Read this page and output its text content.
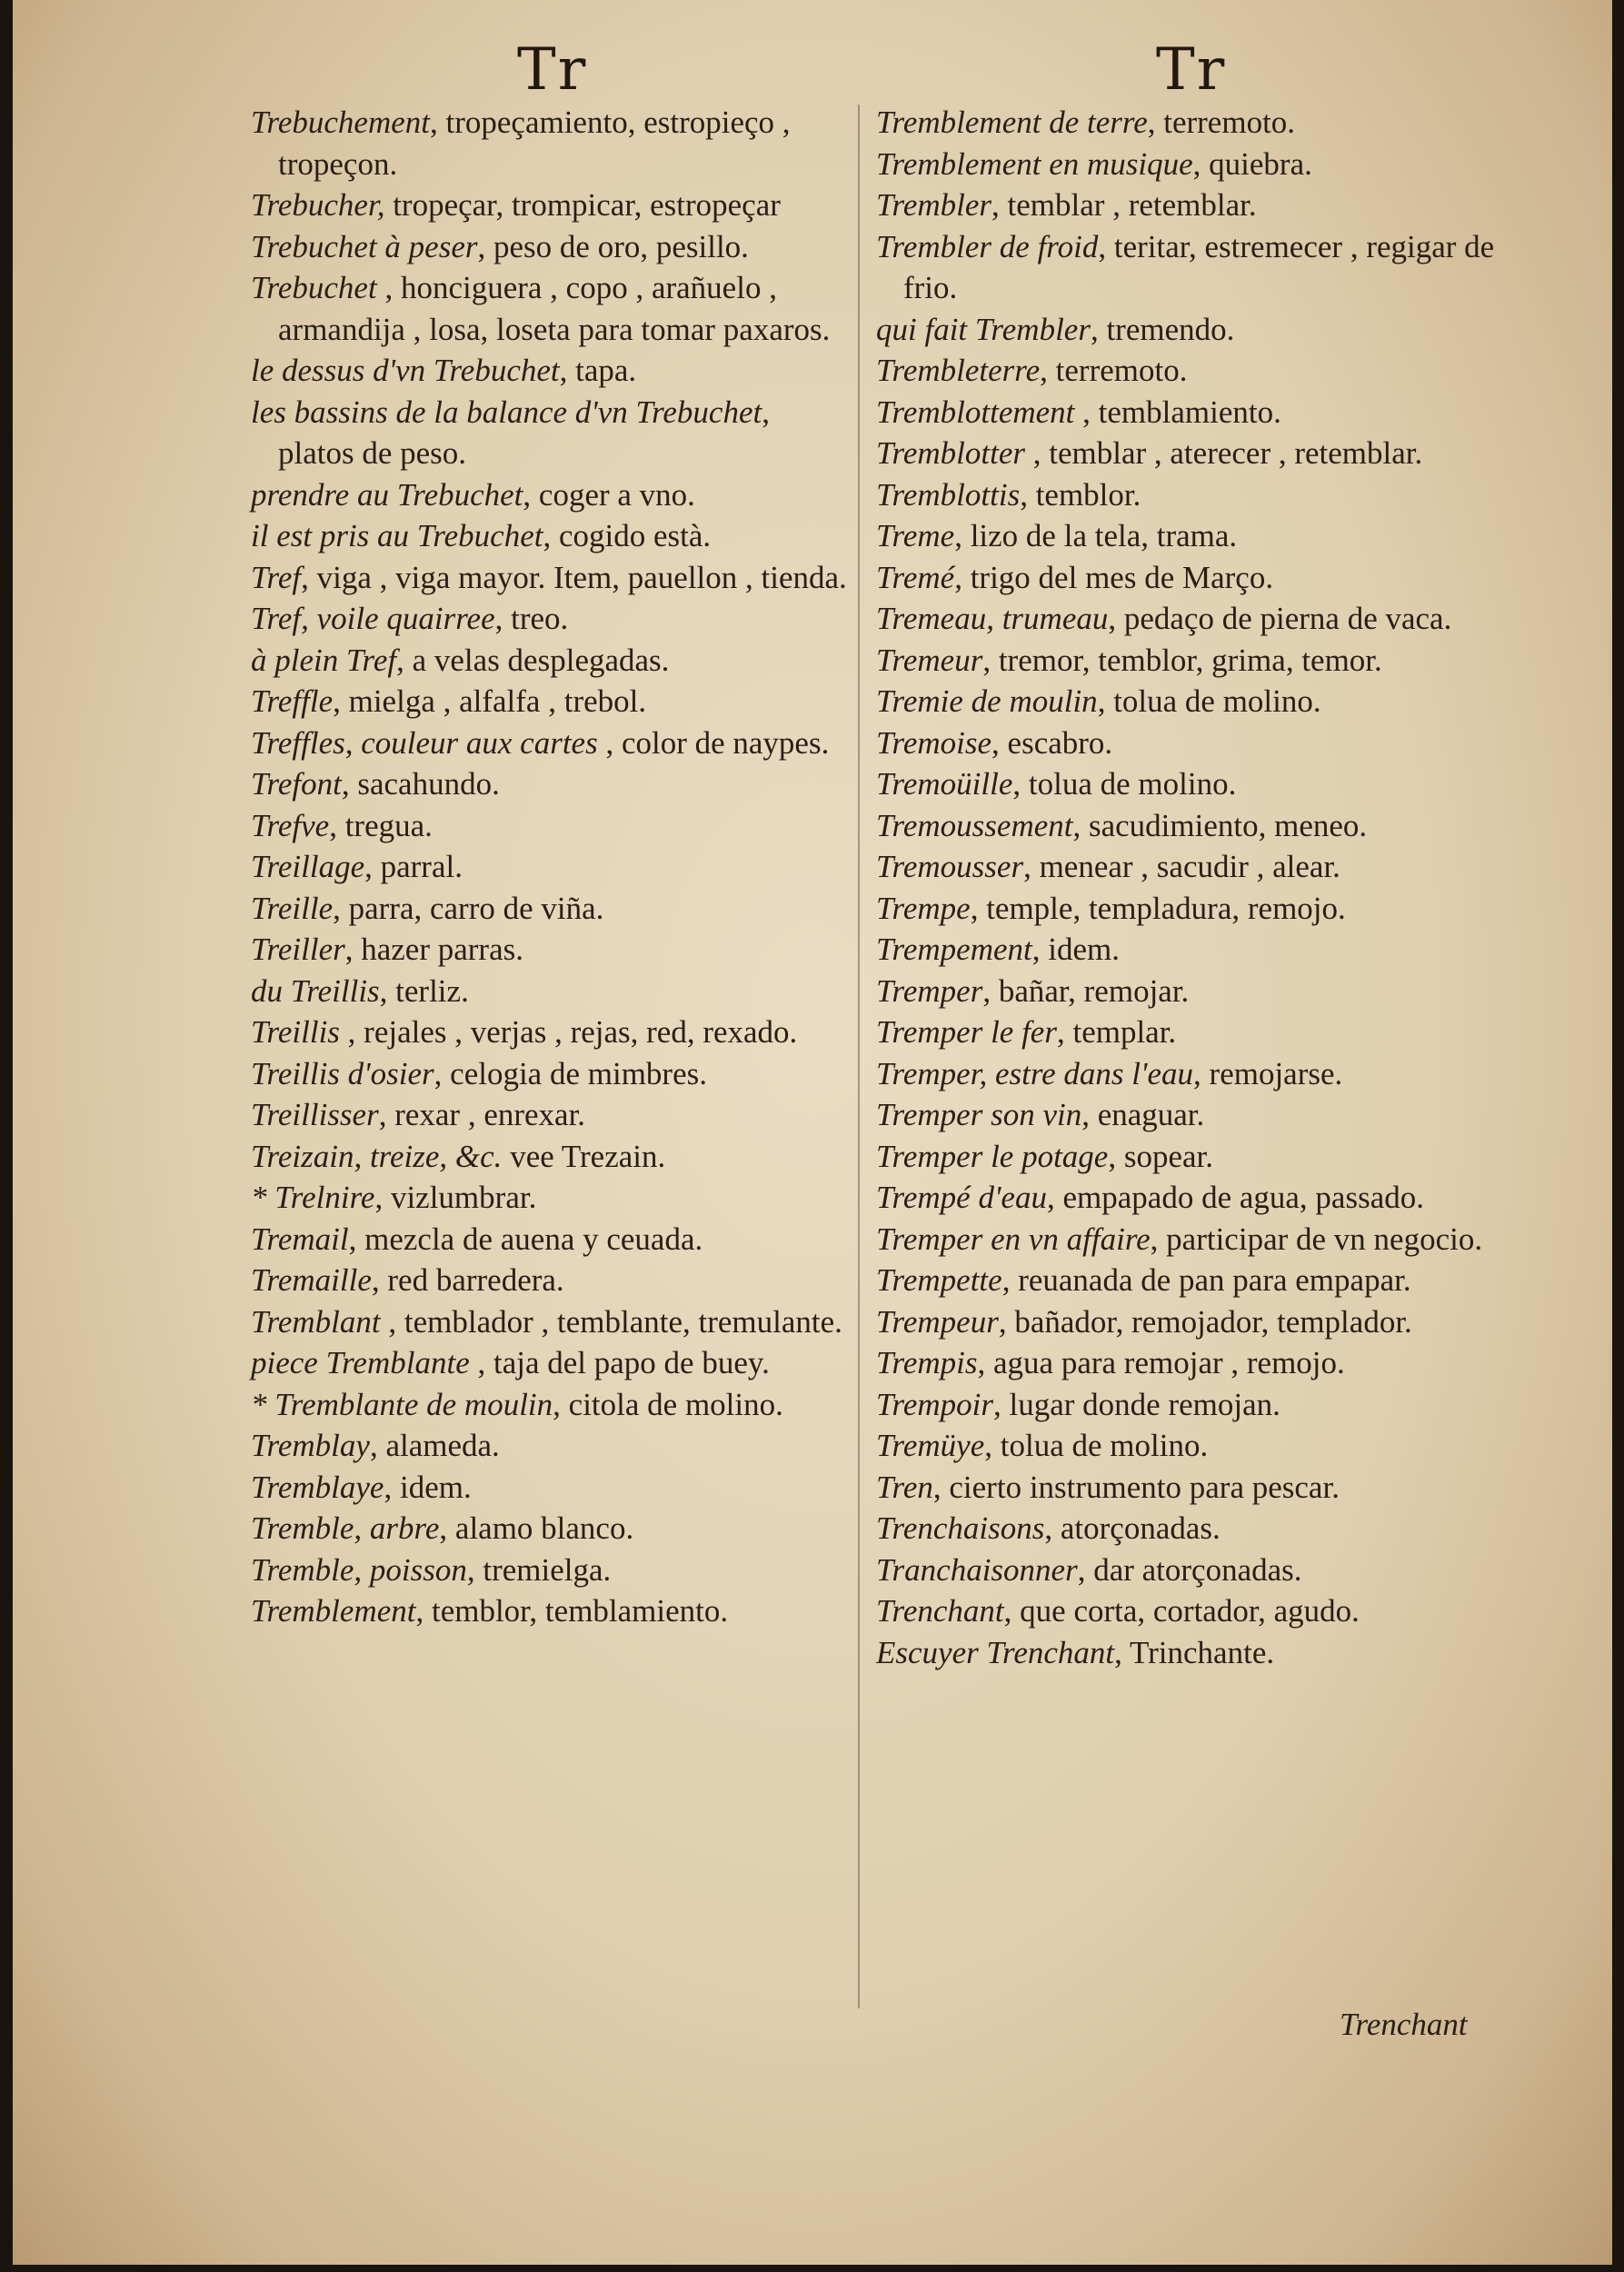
Tr	Tr
Trebuchement, tropeçamiento, estropieço , tropeçon.
Trebucher, tropeçar, trompicar, estropeçar
Trebuchet à peser, peso de oro, pesillo.
Trebuchet , honciguera , copo , arañuelo , armandija , losa, loseta para tomar paxaros.
le dessus d'vn Trebuchet, tapa.
les bassins de la balance d'vn Trebuchet, platos de peso.
prendre au Trebuchet, coger a vno.
il est pris au Trebuchet, cogido està.
Tref, viga , viga mayor. Item, pauellon , tienda.
Tref, voile quairree, treo.
à plein Tref, a velas desplegadas.
Treffle, mielga , alfalfa , trebol.
Treffles, couleur aux cartes , color de naypes.
Trefont, sacahundo.
Trefve, tregua.
Treillage, parral.
Treille, parra, carro de viña.
Treiller, hazer parras.
du Treillis, terliz.
Treillis , rejales , verjas , rejas, red, rexado.
Treillis d'osier, celogia de mimbres.
Treillisser, rexar , enrexar.
Treizain, treize, &c. vee Trezain.
* Trelnire, vizlumbrar.
Tremail, mezcla de auena y ceuada.
Tremaille, red barredera.
Tremblant , temblador , temblante, tremulante.
piece Tremblante , taja del papo de buey.
* Tremblante de moulin, citola de molino.
Tremblay, alameda.
Tremblaye, idem.
Tremble, arbre, alamo blanco.
Tremble, poisson, tremielga.
Tremblement, temblor, temblamiento.
Tremblement de terre, terremoto.
Tremblement en musique, quiebra.
Trembler, temblar , retemblar.
Trembler de froid, teritar, estremecer , regigar de frio.
qui fait Trembler, tremendo.
Trembleterre, terremoto.
Tremblottement , temblamiento.
Tremblotter , temblar , aterecer , retemblar.
Tremblottis, temblor.
Treme, lizo de la tela, trama.
Tremé, trigo del mes de Março.
Tremeau, trumeau, pedaço de pierna de vaca.
Tremeur, tremor, temblor, grima, temor.
Tremie de moulin, tolua de molino.
Tremoise, escabro.
Tremoüille, tolua de molino.
Tremoussement, sacudimiento, meneo.
Tremousser, menear , sacudir , alear.
Trempe, temple, templadura, remojo.
Trempement, idem.
Tremper, bañar, remojar.
Tremper le fer, templar.
Tremper, estre dans l'eau, remojarse.
Tremper son vin, enaguar.
Tremper le potage, sopear.
Trempé d'eau, empapado de agua, passado.
Tremper en vn affaire, participar de vn negocio.
Trempette, reuanada de pan para empapar.
Trempeur, bañador, remojador, templador.
Trempis, agua para remojar , remojo.
Trempoir, lugar donde remojan.
Tremüye, tolua de molino.
Tren, cierto instrumento para pescar.
Trenchaisons, atorçonadas.
Tranchaisonner, dar atorçonadas.
Trenchant, que corta, cortador, agudo.
Escuyer Trenchant, Trinchante.
Trenchant
